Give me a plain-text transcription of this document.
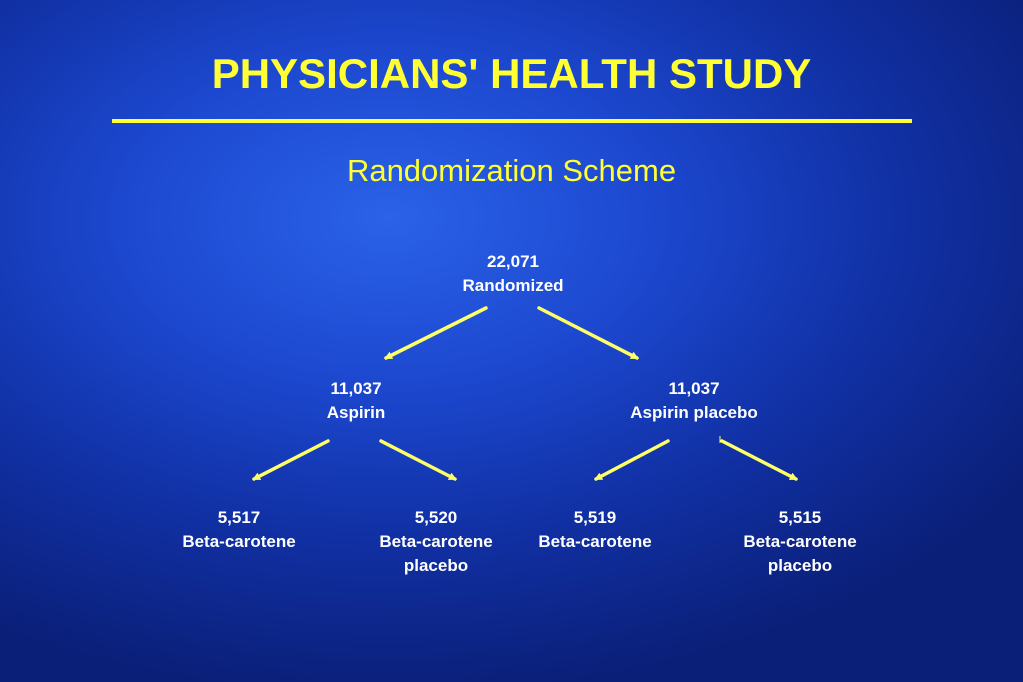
PHYSICIANS' HEALTH STUDY
Randomization Scheme
22,071
Randomized
11,037
Aspirin
11,037
Aspirin placebo
5,517
Beta-carotene
5,520
Beta-carotene
placebo
5,519
Beta-carotene
5,515
Beta-carotene
placebo
